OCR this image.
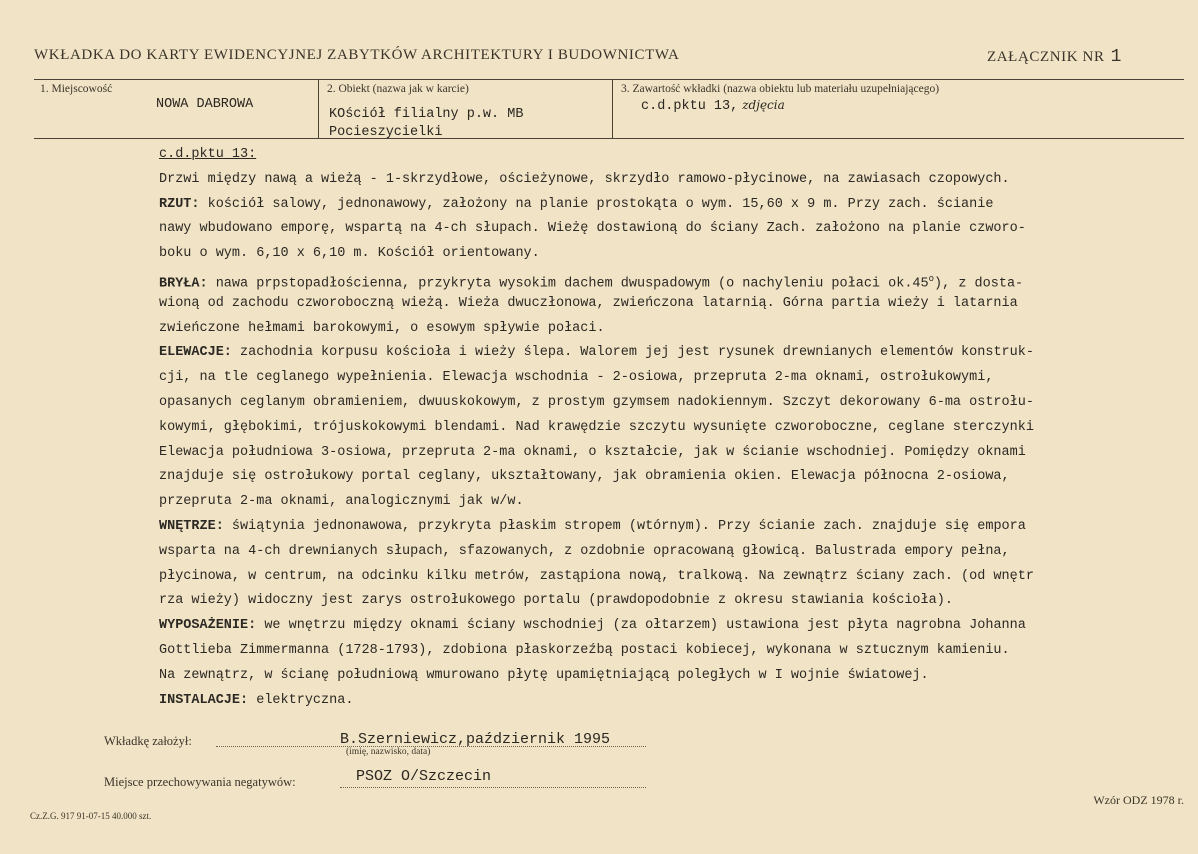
WKŁADKA DO KARTY EWIDENCYJNEJ ZABYTKÓW ARCHITEKTURY I BUDOWNICTWA	ZAŁĄCZNIK NR 1
1. Miejscowość
NOWA DABROWA
2. Obiekt (nazwa jak w karcie)
KOściół filialny p.w. MB
Pocieszycielki
3. Zawartość wkładki (nazwa obiektu lub materiału uzupełniającego)
c.d.pktu 13, zdjęcia
c.d.pktu 13:
Drzwi między nawą a wieżą - 1-skrzydłowe, ościeżynowe, skrzydło ramowo-płycinowe, na zawiasach czopowych.
RZUT: kościół salowy, jednonawowy, założony na planie prostokąta o wym. 15,60 x 9 m. Przy zach. ścianie
nawy wbudowano emporę, wspartą na 4-ch słupach. Wieżę dostawioną do ściany Zach. założono na planie czworo-
boku o wym. 6,10 x 6,10 m. Kościół orientowany.
BRYŁA: nawa prpstopadłościenna, przykryta wysokim dachem dwuspadowym (o nachyleniu połaci ok.45$^o$), z dosta-
wioną od zachodu czworoboczną wieżą. Wieża dwuczłonowa, zwieńczona latarnią. Górna partia wieży i latarnia
zwieńczone hełmami barokowymi, o esowym spływie połaci.
ELEWACJE: zachodnia korpusu kościoła i wieży ślepa. Walorem jej jest rysunek drewnianych elementów konstruk-
cji, na tle ceglanego wypełnienia. Elewacja wschodnia - 2-osiowa, przepruta 2-ma oknami, ostrołukowymi,
opasanych ceglanym obramieniem, dwuuskokowym, z prostym gzymsem nadokiennym. Szczyt dekorowany 6-ma ostrołu-
kowymi, głębokimi, trójuskokowymi blendami. Nad krawędzie szczytu wysunięte czworoboczne, ceglane sterczynki
Elewacja południowa 3-osiowa, przepruta 2-ma oknami, o kształcie, jak w ścianie wschodniej. Pomiędzy oknami
znajduje się ostrołukowy portal ceglany, ukształtowany, jak obramienia okien. Elewacja północna 2-osiowa,
przepruta 2-ma oknami, analogicznymi jak w/w.
WNĘTRZE: świątynia jednonawowa, przykryta płaskim stropem (wtórnym). Przy ścianie zach. znajduje się empora
wsparta na 4-ch drewnianych słupach, sfazowanych, z ozdobnie opracowaną głowicą. Balustrada empory pełna,
płycinowa, w centrum, na odcinku kilku metrów, zastąpiona nową, tralkową. Na zewnątrz ściany zach. (od wnętr
rza wieży) widoczny jest zarys ostrołukowego portalu (prawdopodobnie z okresu stawiania kościoła).
WYPOSAŻENIE: we wnętrzu między oknami ściany wschodniej (za ołtarzem) ustawiona jest płyta nagrobna Johanna
Gottlieba Zimmermanna (1728-1793), zdobiona płaskorzeźbą postaci kobiecej, wykonana w sztucznym kamieniu.
Na zewnątrz, w ścianę południową wmurowano płytę upamiętniającą poległych w I wojnie światowej.
INSTALACJE: elektryczna.
Wkładkę założył:	B.Szerniewicz,październik 1995
(imię, nazwisko, data)
Miejsce przechowywania negatywów:	PSOZ O/Szczecin
Wzór ODZ 1978 r.
Cz.Z.G. 917 91-07-15 40.000 szt.
